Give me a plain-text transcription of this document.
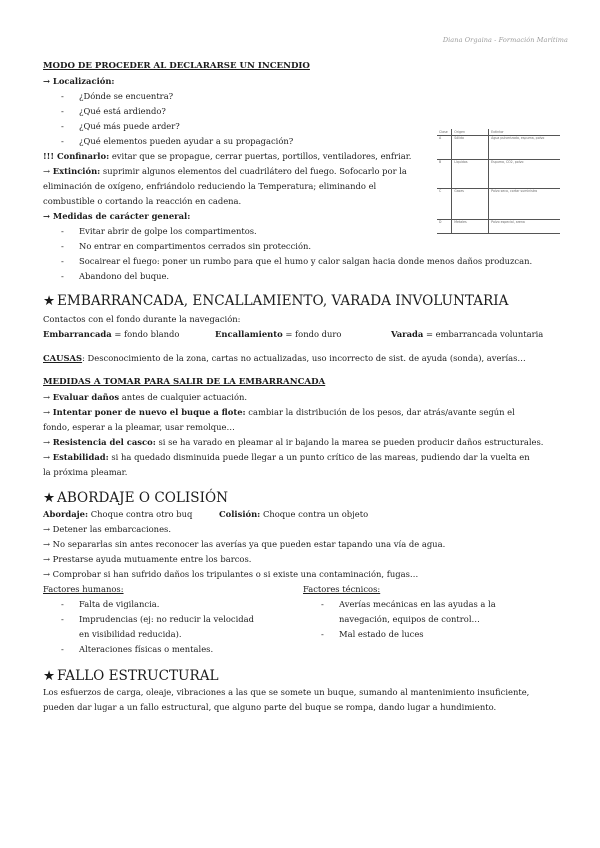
Diana Orgaina - Formación Marítima
Clase	Origen	Extintor
A	Sólido	Agua pulverizada, espuma, polvo
B	Líquidos	Espuma, CO2, polvo
C	Gases	Polvo seco, cortar suministro
D	Metales	Polvo especial, arena

MODO DE PROCEDER AL DECLARARSE UN INCENDIO

→ Localización:

- ¿Dónde se encuentra?
- ¿Qué está ardiendo?
- ¿Qué más puede arder?
- ¿Qué elementos pueden ayudar a su propagación?

!!! Confinarlo: evitar que se propague, cerrar puertas, portillos, ventiladores, enfriar.

→ Extinción: suprimir algunos elementos del cuadrilátero del fuego. Sofocarlo por la

eliminación de oxígeno, enfriándolo reduciendo la Temperatura; eliminando el

combustible o cortando la reacción en cadena.

→ Medidas de carácter general:

- Evitar abrir de golpe los compartimentos.
- No entrar en compartimentos cerrados sin protección.
- Socairear el fuego: poner un rumbo para que el humo y calor salgan hacia donde menos daños produzcan.
- Abandono del buque.

★ EMBARRANCADA, ENCALLAMIENTO, VARADA INVOLUNTARIA

Contactos con el fondo durante la navegación:

Embarrancada = fondo blando	Encallamiento = fondo duro	Varada = embarrancada voluntaria

CAUSAS: Desconocimiento de la zona, cartas no actualizadas, uso incorrecto de sist. de ayuda (sonda), averías…

MEDIDAS A TOMAR PARA SALIR DE LA EMBARRANCADA

→ Evaluar daños antes de cualquier actuación.

→ Intentar poner de nuevo el buque a flote: cambiar la distribución de los pesos, dar atrás/avante según el

fondo, esperar a la pleamar, usar remolque…

→ Resistencia del casco: si se ha varado en pleamar al ir bajando la marea se pueden producir daños estructurales.

→ Estabilidad: si ha quedado disminuida puede llegar a un punto crítico de las mareas, pudiendo dar la vuelta en

la próxima pleamar.

★ ABORDAJE O COLISIÓN

Abordaje: Choque contra otro buq	Colisión: Choque contra un objeto

→ Detener las embarcaciones.

→ No separarlas sin antes reconocer las averías ya que pueden estar tapando una vía de agua.

→ Prestarse ayuda mutuamente entre los barcos.

→ Comprobar si han sufrido daños los tripulantes o si existe una contaminación, fugas…

Factores humanos:

- Falta de vigilancia.
- Imprudencias (ej: no reducir la velocidad en visibilidad reducida).
- Alteraciones físicas o mentales.

Factores técnicos:

- Averías mecánicas en las ayudas a la navegación, equipos de control…
- Mal estado de luces

★ FALLO ESTRUCTURAL

Los esfuerzos de carga, oleaje, vibraciones a las que se somete un buque, sumando al mantenimiento insuficiente,

pueden dar lugar a un fallo estructural, que alguno parte del buque se rompa, dando lugar a hundimiento.
